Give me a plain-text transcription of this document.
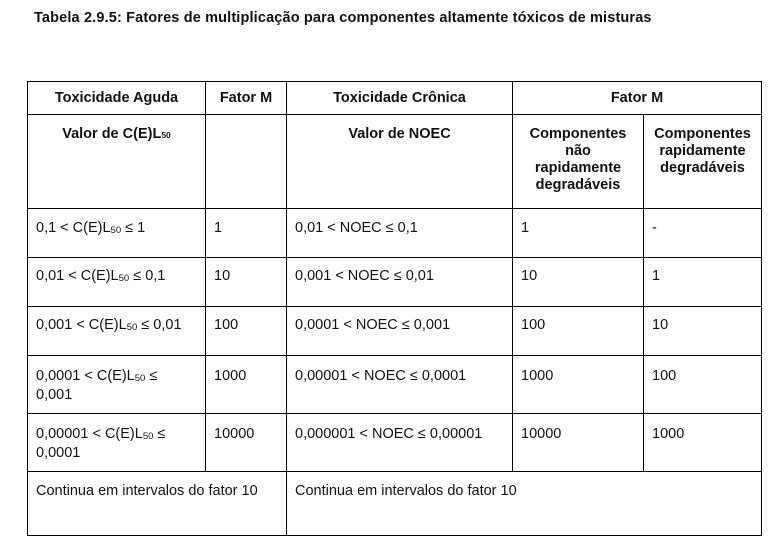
Tabela 2.9.5: Fatores de multiplicação para componentes altamente tóxicos de misturas
Toxicidade Aguda	Fator M	Toxicidade Crônica	Fator M	
Valor de C(E)L50		Valor de NOEC	Componentes não rapidamente degradáveis	Componentes rapidamente degradáveis
$0,1 < C(E)L_{50} \le 1$	1	0,01 < NOEC ≤ 0,1	1	-
$0,01 < C(E)L_{50} \le 0,1$	10	0,001 < NOEC ≤ 0,01	10	1
$0,001 < C(E)L_{50} \le 0,01$	100	0,0001 < NOEC ≤ 0,001	100	10
$0,0001 < C(E)L_{50} \le 0,001$	1000	0,00001 < NOEC ≤ 0,0001	1000	100
$0,00001 < C(E)L_{50} \le 0,0001$	10000	0,000001 < NOEC ≤ 0,00001	10000	1000
Continua em intervalos do fator 10		Continua em intervalos do fator 10		
